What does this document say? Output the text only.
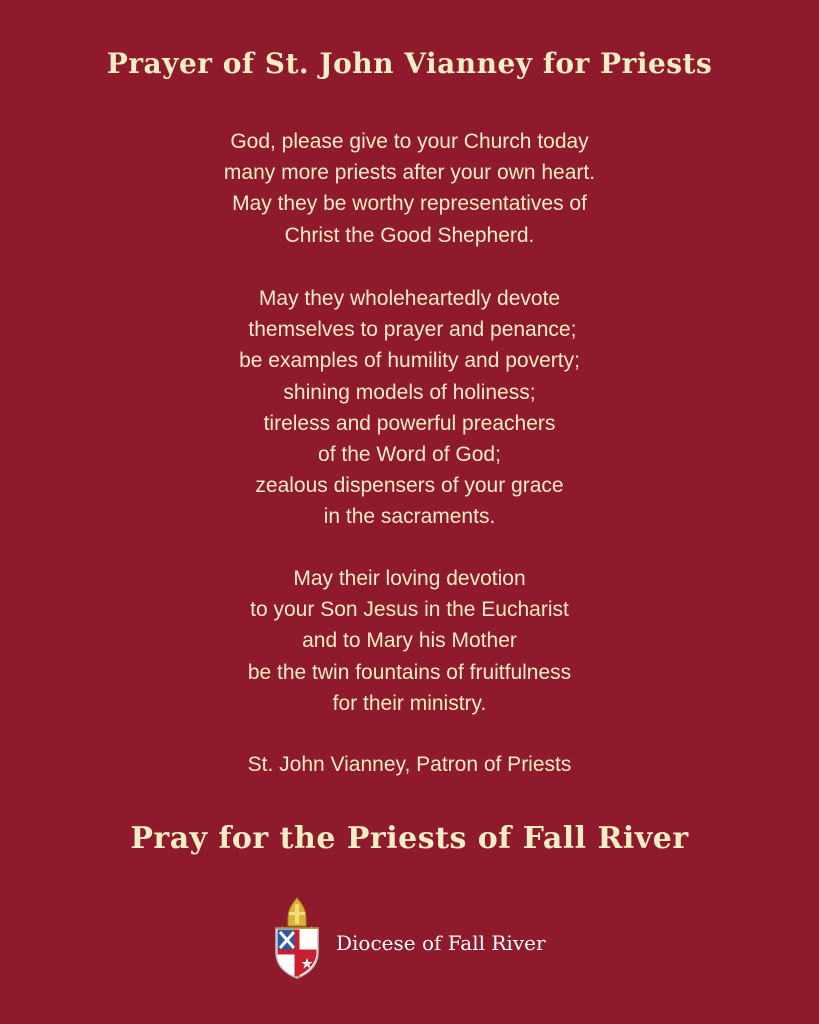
Prayer of St. John Vianney for Priests
God, please give to your Church today
many more priests after your own heart.
May they be worthy representatives of
Christ the Good Shepherd.
May they wholeheartedly devote
themselves to prayer and penance;
be examples of humility and poverty;
shining models of holiness;
tireless and powerful preachers
of the Word of God;
zealous dispensers of your grace
in the sacraments.
May their loving devotion
to your Son Jesus in the Eucharist
and to Mary his Mother
be the twin fountains of fruitfulness
for their ministry.
St. John Vianney, Patron of Priests
Pray for the Priests of Fall River
Diocese of Fall River
